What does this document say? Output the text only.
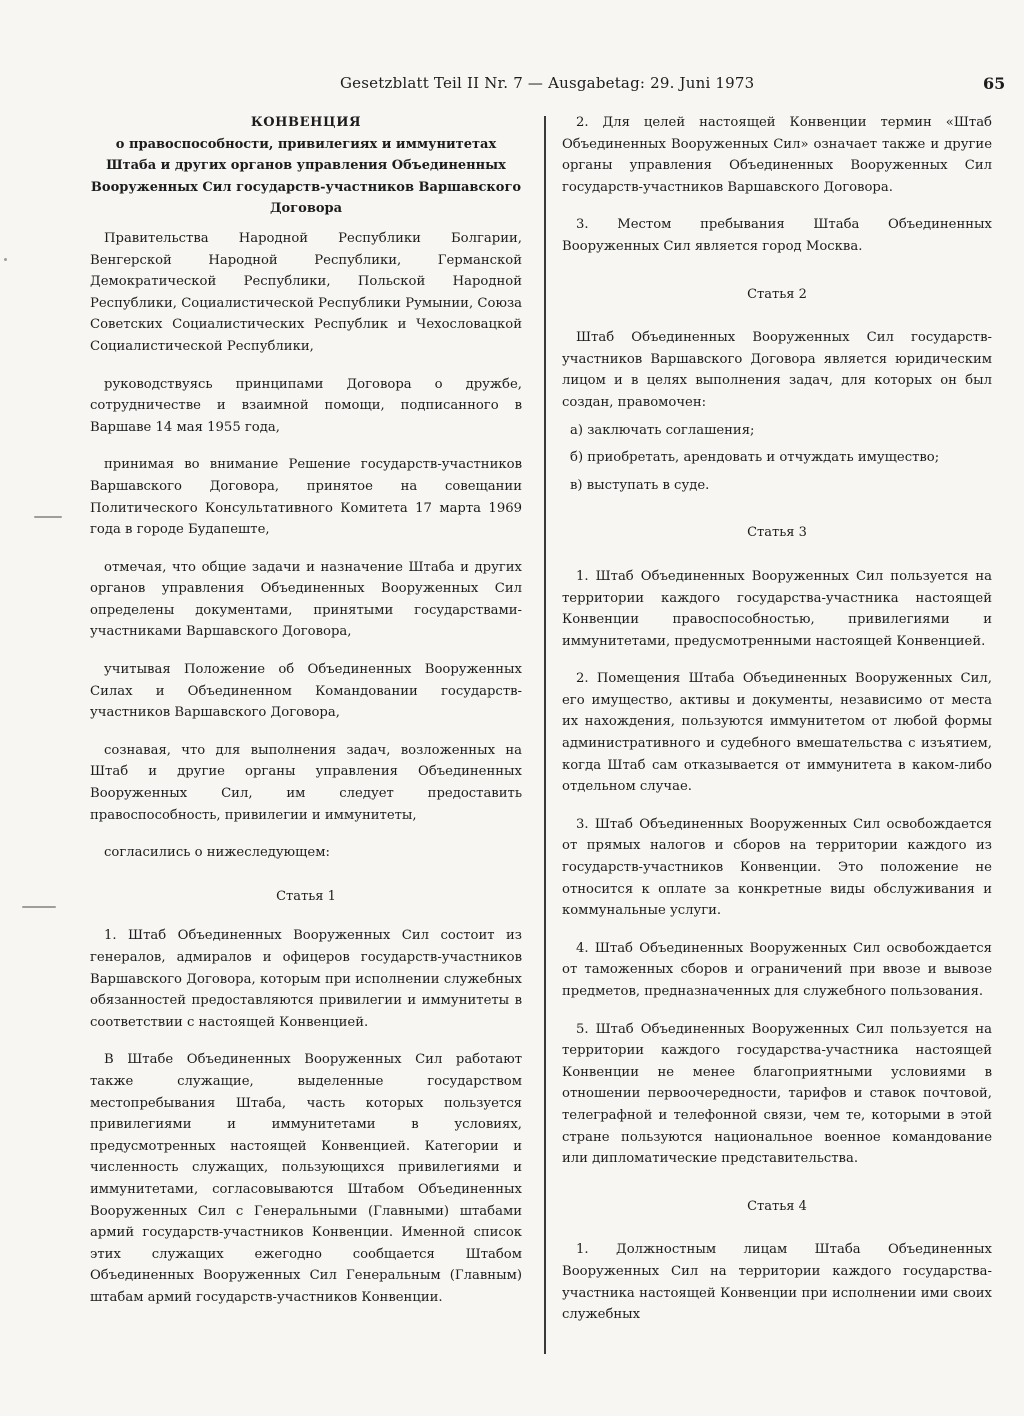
Gesetzblatt Teil II Nr. 7 — Ausgabetag: 29. Juni 1973	65
КОНВЕНЦИЯ
о правоспособности, привилегиях и иммунитетах
Штаба и других органов управления Объединенных
Вооруженных Сил государств-участников Варшавского
Договора

Правительства Народной Республики Болгарии, Венгерской Народной Республики, Германской Демократической Республики, Польской Народной Республики, Социалистической Республики Румынии, Союза Советских Социалистических Республик и Чехословацкой Социалистической Республики,

руководствуясь принципами Договора о дружбе, сотрудничестве и взаимной помощи, подписанного в Варшаве 14 мая 1955 года,

принимая во внимание Решение государств-участников Варшавского Договора, принятое на совещании Политического Консультативного Комитета 17 марта 1969 года в городе Будапеште,

отмечая, что общие задачи и назначение Штаба и других органов управления Объединенных Вооруженных Сил определены документами, принятыми государствами- участниками Варшавского Договора,

учитывая Положение об Объединенных Вооруженных Силах и Объединенном Командовании государств-участников Варшавского Договора,

сознавая, что для выполнения задач, возложенных на Штаб и другие органы управления Объединенных Вооруженных Сил, им следует предоставить правоспособность, привилегии и иммунитеты,

согласились о нижеследующем:

Статья 1

1. Штаб Объединенных Вооруженных Сил состоит из генералов, адмиралов и офицеров государств-участников Варшавского Договора, которым при исполнении служебных обязанностей предоставляются привилегии и иммунитеты в соответствии с настоящей Конвенцией.

В Штабе Объединенных Вооруженных Сил работают также служащие, выделенные государством местопребывания Штаба, часть которых пользуется привилегиями и иммунитетами в условиях, предусмотренных настоящей Конвенцией. Категории и численность служащих, пользующихся привилегиями и иммунитетами, согласовываются Штабом Объединенных Вооруженных Сил с Генеральными (Главными) штабами армий государств-участников Конвенции. Именной список этих служащих ежегодно сообщается Штабом Объединенных Вооруженных Сил Генеральным (Главным) штабам армий государств-участников Конвенции.

2. Для целей настоящей Конвенции термин «Штаб Объединенных Вооруженных Сил» означает также и другие органы управления Объединенных Вооруженных Сил государств-участников Варшавского Договора.

3. Местом пребывания Штаба Объединенных Вооруженных Сил является город Москва.

Статья 2

Штаб Объединенных Вооруженных Сил государств-участников Варшавского Договора является юридическим лицом и в целях выполнения задач, для которых он был создан, правомочен:

а) заключать соглашения;

б) приобретать, арендовать и отчуждать имущество;

в) выступать в суде.

Статья 3

1. Штаб Объединенных Вооруженных Сил пользуется на территории каждого государства-участника настоящей Конвенции правоспособностью, привилегиями и иммунитетами, предусмотренными настоящей Конвенцией.

2. Помещения Штаба Объединенных Вооруженных Сил, его имущество, активы и документы, независимо от места их нахождения, пользуются иммунитетом от любой формы административного и судебного вмешательства с изъятием, когда Штаб сам отказывается от иммунитета в каком-либо отдельном случае.

3. Штаб Объединенных Вооруженных Сил освобождается от прямых налогов и сборов на территории каждого из государств-участников Конвенции. Это положение не относится к оплате за конкретные виды обслуживания и коммунальные услуги.

4. Штаб Объединенных Вооруженных Сил освобождается от таможенных сборов и ограничений при ввозе и вывозе предметов, предназначенных для служебного пользования.

5. Штаб Объединенных Вооруженных Сил пользуется на территории каждого государства-участника настоящей Конвенции не менее благоприятными условиями в отношении первоочередности, тарифов и ставок почтовой, телеграфной и телефонной связи, чем те, которыми в этой стране пользуются национальное военное командование или дипломатические представительства.

Статья 4

1. Должностным лицам Штаба Объединенных Вооруженных Сил на территории каждого государства-участника настоящей Конвенции при исполнении ими своих служебных
